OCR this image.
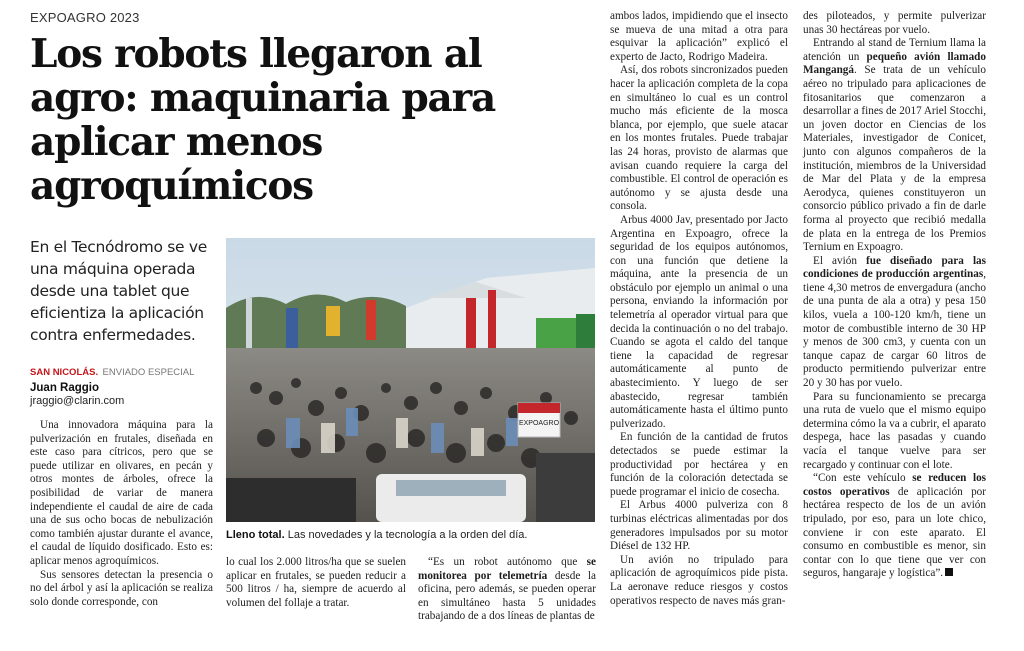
EXPOAGRO 2023
Los robots llegaron al agro: maquinaria para aplicar menos agroquímicos

En el Tecnódromo se ve una máquina operada desde una tablet que eficientiza la aplicación contra enfermedades.

SAN NICOLÁS. ENVIADO ESPECIAL
Juan Raggio
jraggio@clarin.com

Una innovadora máquina para la pulverización en frutales, diseñada en este caso para cítricos, pero que se puede utilizar en olivares, en pecán y otros montes de árboles, ofrece la posibilidad de variar de manera independiente el caudal de aire de cada una de sus ocho bocas de nebulización como también ajustar durante el avance, el caudal de líquido dosificado. Esto es: aplicar menos agroquímicos.

Sus sensores detectan la presencia o no del árbol y así la aplicación se realiza solo donde corresponde, con

EXPOAGRO
Lleno total. Las novedades y la tecnología a la orden del día.

lo cual los 2.000 litros/ha que se suelen aplicar en frutales, se pueden reducir a 500 litros / ha, siempre de acuerdo al volumen del follaje a tratar.

“Es un robot autónomo que se monitorea por telemetría desde la oficina, pero además, se pueden operar en simultáneo hasta 5 unidades trabajando de a dos líneas de plantas de

ambos lados, impidiendo que el insecto se mueva de una mitad a otra para esquivar la aplicación” explicó el experto de Jacto, Rodrigo Madeira.

Así, dos robots sincronizados pueden hacer la aplicación completa de la copa en simultáneo lo cual es un control mucho más eficiente de la mosca blanca, por ejemplo, que suele atacar en los montes frutales. Puede trabajar las 24 horas, provisto de alarmas que avisan cuando requiere la carga del combustible. El control de operación es autónomo y se ajusta desde una consola.

Arbus 4000 Jav, presentado por Jacto Argentina en Expoagro, ofrece la seguridad de los equipos autónomos, con una función que detiene la máquina, ante la presencia de un obstáculo por ejemplo un animal o una persona, enviando la información por telemetría al operador virtual para que decida la continuación o no del trabajo. Cuando se agota el caldo del tanque tiene la capacidad de regresar automáticamente al punto de abastecimiento. Y luego de ser abastecido, regresar también automáticamente hasta el último punto pulverizado.

En función de la cantidad de frutos detectados se puede estimar la productividad por hectárea y en función de la coloración detectada se puede programar el inicio de cosecha.

El Arbus 4000 pulveriza con 8 turbinas eléctricas alimentadas por dos generadores impulsados por su motor Diésel de 132 HP.

Un avión no tripulado para aplicación de agroquímicos pide pista. La aeronave reduce riesgos y costos operativos respecto de naves más gran-

des piloteados, y permite pulverizar unas 30 hectáreas por vuelo.

Entrando al stand de Ternium llama la atención un pequeño avión llamado Mangangá. Se trata de un vehículo aéreo no tripulado para aplicaciones de fitosanitarios que comenzaron a desarrollar a fines de 2017 Ariel Stocchi, un joven doctor en Ciencias de los Materiales, investigador de Conicet, junto con algunos compañeros de la institución, miembros de la Universidad de Mar del Plata y de la empresa Aerodyca, quienes constituyeron un consorcio público privado a fin de darle forma al proyecto que recibió medalla de plata en la entrega de los Premios Ternium en Expoagro.

El avión fue diseñado para las condiciones de producción argentinas, tiene 4,30 metros de envergadura (ancho de una punta de ala a otra) y pesa 150 kilos, vuela a 100-120 km/h, tiene un motor de combustible interno de 30 HP y menos de 300 cm3, y cuenta con un tanque capaz de cargar 60 litros de producto permitiendo pulverizar entre 20 y 30 has por vuelo.

Para su funcionamiento se precarga una ruta de vuelo que el mismo equipo determina cómo la va a cubrir, el aparato despega, hace las pasadas y cuando vacía el tanque vuelve para ser recargado y continuar con el lote.

“Con este vehículo se reducen los costos operativos de aplicación por hectárea respecto de los de un avión tripulado, por eso, para un lote chico, conviene ir con este aparato. El consumo en combustible es menor, sin contar con lo que tiene que ver con seguros, hangaraje y logística”.
